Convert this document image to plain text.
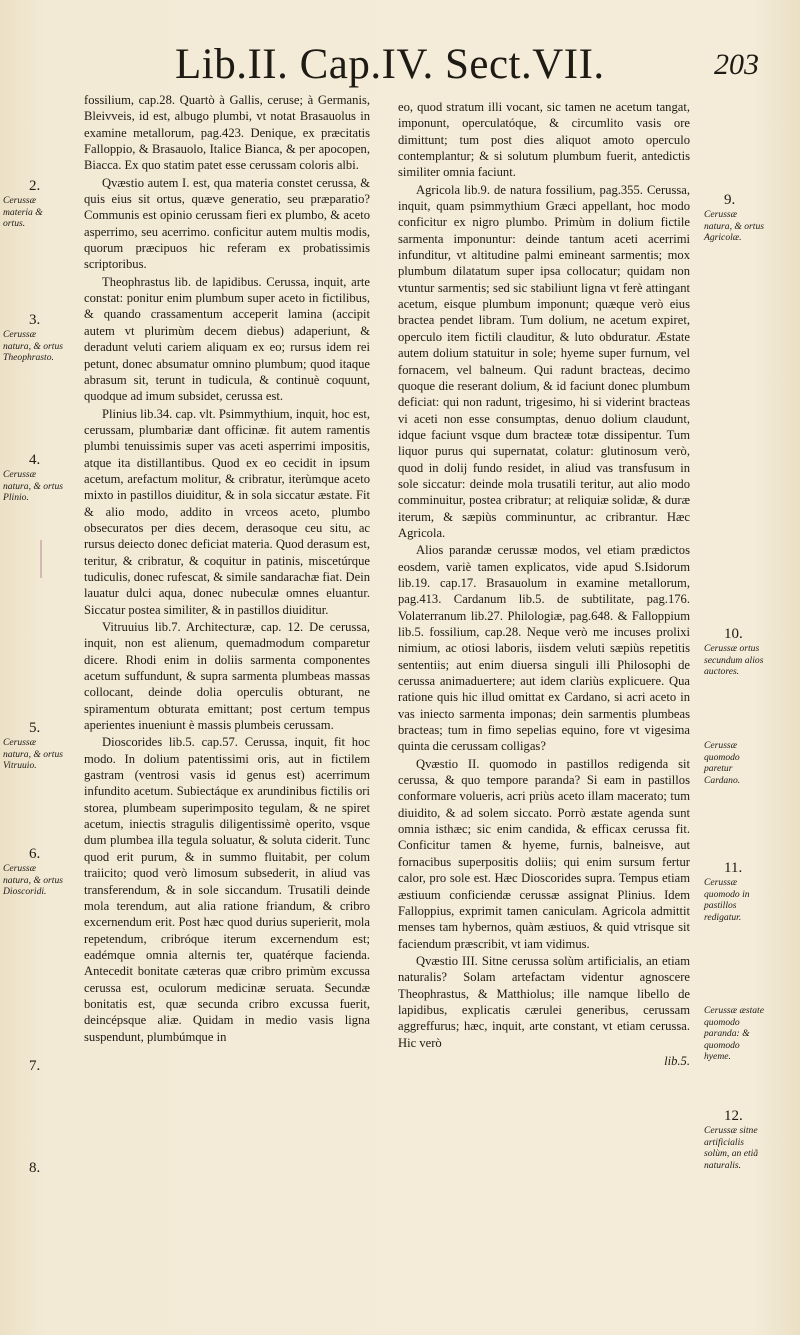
Lib.II. Cap.IV. Sect.VII.	203
2.
Cerussæ materia & ortus.
3.
Cerussæ natura, & ortus Theophrasto.
4.
Cerussæ natura, & ortus Plinio.
5.
Cerussæ natura, & ortus Vitruuio.
6.
Cerussæ natura, & ortus Dioscoridi.
7.
8.

fossilium, cap.28. Quartò à Gallis, ceruse; à Germanis, Bleivveis, id est, albugo plumbi, vt notat Brasauolus in examine metallorum, pag.423. Denique, ex præcitatis Falloppio, & Brasauolo, Italice Bianca, & per apocopen, Biacca. Ex quo statim patet esse cerussam coloris albi.

Qvæstio autem I. est, qua materia constet cerussa, & quis eius sit ortus, quæve generatio, seu præparatio? Communis est opinio cerussam fieri ex plumbo, & aceto asperrimo, seu acerrimo. conficitur autem multis modis, quorum præcipuos hic referam ex probatissimis scriptoribus.

Theophrastus lib. de lapidibus. Cerussa, inquit, arte constat: ponitur enim plumbum super aceto in fictilibus, & quando crassamentum acceperit lamina (accipit autem vt plurimùm decem diebus) adaperiunt, & deradunt veluti cariem aliquam ex eo; rursus idem rei petunt, donec absumatur omnino plumbum; quod itaque abrasum sit, terunt in tudicula, & continuè coquunt, quodque ad imum subsidet, cerussa est.

Plinius lib.34. cap. vlt. Psimmythium, inquit, hoc est, cerussam, plumbariæ dant officinæ. fit autem ramentis plumbi tenuissimis super vas aceti asperrimi impositis, atque ita distillantibus. Quod ex eo cecidit in ipsum acetum, arefactum molitur, & cribratur, iterùmque aceto mixto in pastillos diuiditur, & in sola siccatur æstate. Fit & alio modo, addito in vrceos aceto, plumbo obsecuratos per dies decem, derasoque ceu situ, ac rursus deiecto donec deficiat materia. Quod derasum est, teritur, & cribratur, & coquitur in patinis, miscetúrque tudiculis, donec rufescat, & simile sandarachæ fiat. Dein lauatur dulci aqua, donec nubeculæ omnes eluantur. Siccatur postea similiter, & in pastillos diuiditur.

Vitruuius lib.7. Architecturæ, cap. 12. De cerussa, inquit, non est alienum, quemadmodum comparetur dicere. Rhodi enim in doliis sarmenta componentes acetum suffundunt, & supra sarmenta plumbeas massas collocant, deinde dolia operculis obturant, ne spiramentum obturata emittant; post certum tempus aperientes inueniunt è massis plumbeis cerussam.

Dioscorides lib.5. cap.57. Cerussa, inquit, fit hoc modo. In dolium patentissimi oris, aut in fictilem gastram (ventrosi vasis id genus est) acerrimum infundito acetum. Subiectáque ex arundinibus fictilis ori storea, plumbeam superimposito tegulam, & ne spiret acetum, iniectis stragulis diligentissimè operito, vsque dum plumbea illa tegula soluatur, & soluta ciderit. Tunc quod erit purum, & in summo fluitabit, per colum traiicito; quod verò limosum subsederit, in aliud vas transferendum, & in sole siccandum. Trusatili deinde mola terendum, aut alia ratione friandum, & cribro excernendum erit. Post hæc quod durius superierit, mola repetendum, cribróque iterum excernendum est; eadémque omnia alternis ter, quatérque facienda. Antecedit bonitate cæteras quæ cribro primùm excussa cerussa est, oculorum medicinæ seruata. Secundæ bonitatis est, quæ secunda cribro excussa fuerit, deincépsque aliæ. Quidam in medio vasis ligna suspendunt, plumbúmque in

eo, quod stratum illi vocant, sic tamen ne acetum tangat, imponunt, operculatóque, & circumlito vasis ore dimittunt; tum post dies aliquot amoto operculo contemplantur; & si solutum plumbum fuerit, antedictis similiter omnia faciunt.

Agricola lib.9. de natura fossilium, pag.355. Cerussa, inquit, quam psimmythium Græci appellant, hoc modo conficitur ex nigro plumbo. Primùm in dolium fictile sarmenta imponuntur: deinde tantum aceti acerrimi infunditur, vt altitudine palmi emineant sarmentis; mox plumbum dilatatum super ipsa collocatur; quidam non vtuntur sarmentis; sed sic stabiliunt ligna vt ferè attingant acetum, eisque plumbum imponunt; quæque verò eius bractea pendet libram. Tum dolium, ne acetum expiret, operculo item fictili clauditur, & luto obduratur. Æstate autem dolium statuitur in sole; hyeme super furnum, vel fornacem, vel balneum. Qui radunt bracteas, decimo quoque die reserant dolium, & id faciunt donec plumbum deficiat: qui non radunt, trigesimo, hi si viderint bracteas vi aceti non esse consumptas, denuo dolium claudunt, idque faciunt vsque dum bracteæ totæ dissipentur. Tum liquor purus qui supernatat, colatur: glutinosum verò, quod in dolij fundo residet, in aliud vas transfusum in sole siccatur: deinde mola trusatili teritur, aut alio modo comminuitur, postea cribratur; at reliquiæ solidæ, & duræ iterum, & sæpiùs comminuntur, ac cribrantur. Hæc Agricola.

Alios parandæ cerussæ modos, vel etiam prædictos eosdem, variè tamen explicatos, vide apud S.Isidorum lib.19. cap.17. Brasauolum in examine metallorum, pag.413. Cardanum lib.5. de subtilitate, pag.176. Volaterranum lib.27. Philologiæ, pag.648. & Falloppium lib.5. fossilium, cap.28. Neque verò me incuses prolixi nimium, ac otiosi laboris, iisdem veluti sæpiùs repetitis sententiis; aut enim diuersa singuli illi Philosophi de cerussa animaduertere; aut idem clariùs explicuere. Qua ratione quis hic illud omittat ex Cardano, si acri aceto in vas iniecto sarmenta imponas; dein sarmentis plumbeas bracteas; tum in fimo sepelias equino, fore vt vigesima quinta die cerussam colligas?

Qvæstio II. quomodo in pastillos redigenda sit cerussa, & quo tempore paranda? Si eam in pastillos conformare volueris, acri priùs aceto illam macerato; tum diuidito, & ad solem siccato. Porrò æstate agenda sunt omnia isthæc; sic enim candida, & efficax cerussa fit. Conficitur tamen & hyeme, furnis, balneisve, aut fornacibus superpositis doliis; qui enim sursum fertur calor, pro sole est. Hæc Dioscorides supra. Tempus etiam æstiuum conficiendæ cerussæ assignat Plinius. Idem Falloppius, exprimit tamen caniculam. Agricola admittit menses tam hybernos, quàm æstiuos, & quid vtrisque sit faciendum præscribit, vt iam vidimus.

Qvæstio III. Sitne cerussa solùm artificialis, an etiam naturalis? Solam artefactam videntur agnoscere Theophrastus, & Matthiolus; ille namque libello de lapidibus, explicatis cærulei generibus, cerussam aggreffurus; hæc, inquit, arte constant, vt etiam cerussa. Hic verò

lib.5.

9.
Cerussæ natura, & ortus Agricolæ.
10.
Cerussæ ortus secundum alios auctores.
Cerussæ quomodo paretur Cardano.
11.
Cerussæ quomodo in pastillos redigatur.
Cerussæ æstate quomodo paranda: & quomodo hyeme.
12.
Cerussæ sitne artificialis solùm, an etiã naturalis.
